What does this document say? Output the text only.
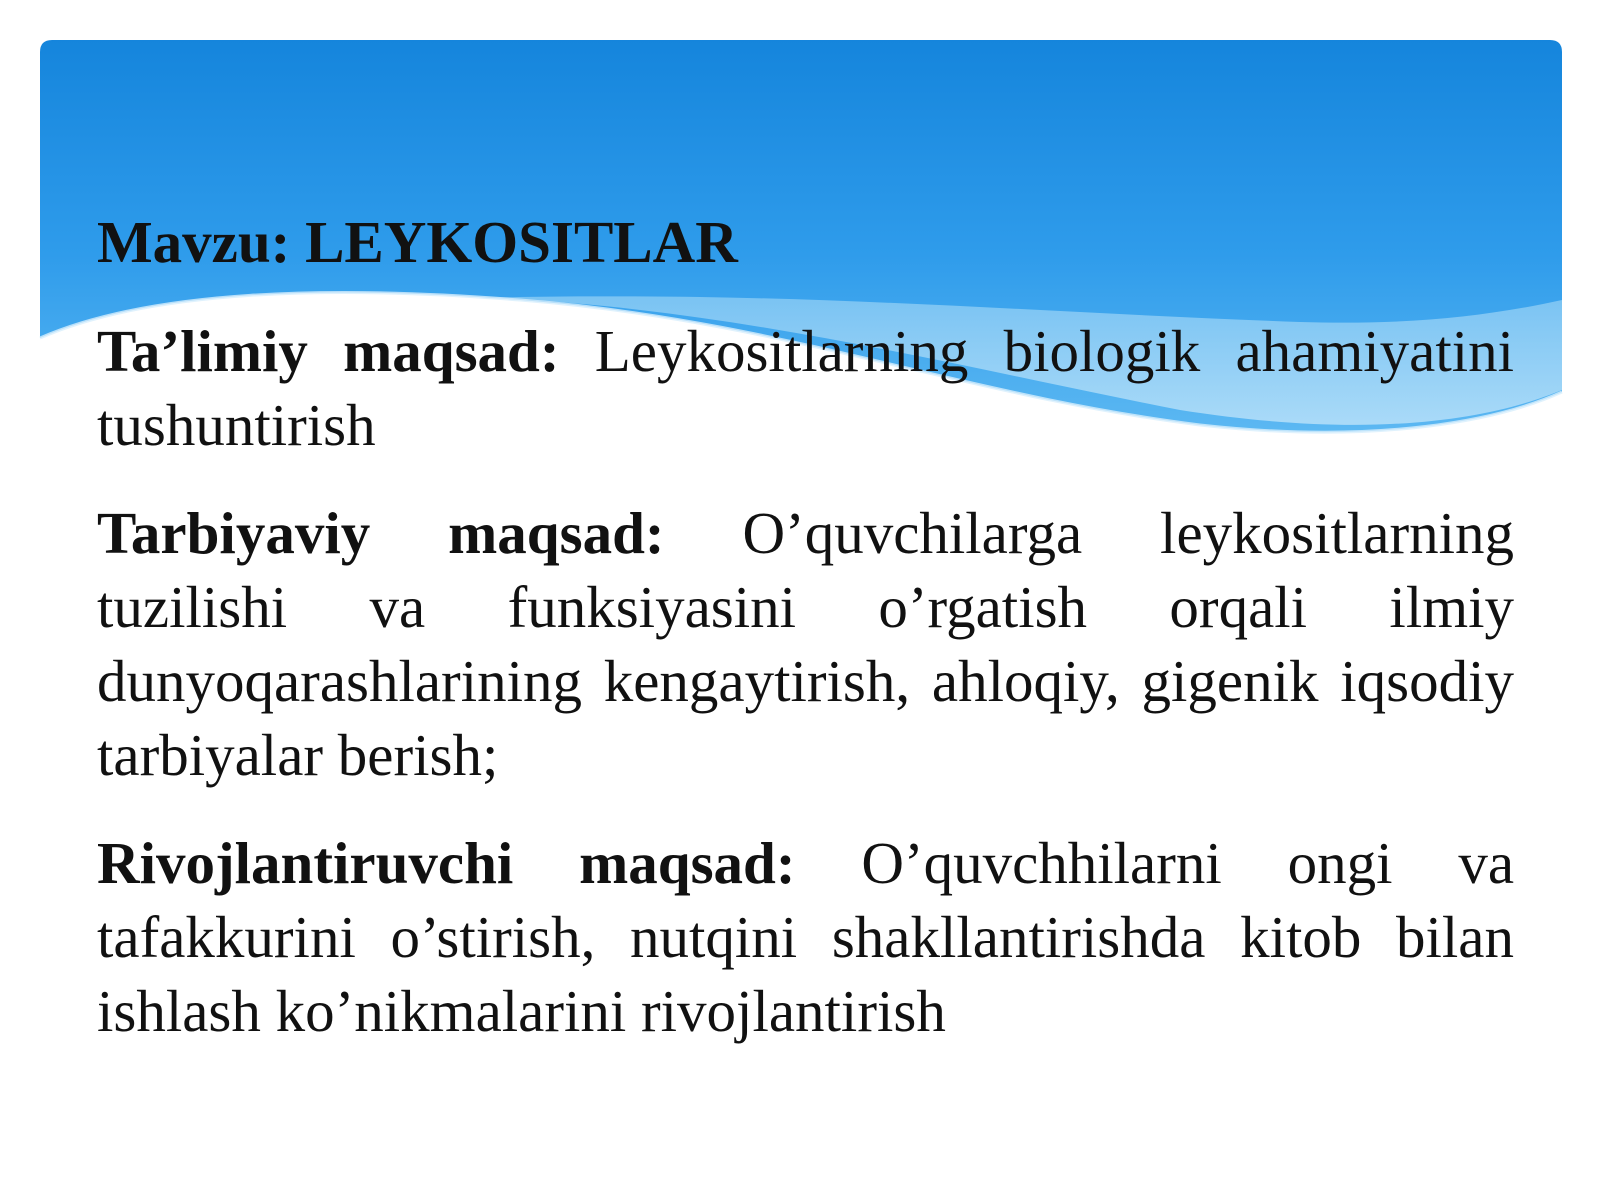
Mavzu: LEYKOSITLAR
Ta’limiy maqsad: Leykositlarning biologik ahamiyatini tushuntirish
Tarbiyaviy maqsad: O’quvchilarga leykositlarning tuzilishi va funksiyasini o’rgatish orqali ilmiy dunyoqarashlarining kengaytirish, ahloqiy, gigenik iqsodiy tarbiyalar berish;
Rivojlantiruvchi maqsad: O’quvchhilarni ongi va tafakkurini o’stirish, nutqini shakllantirishda kitob bilan ishlash ko’nikmalarini rivojlantirish
